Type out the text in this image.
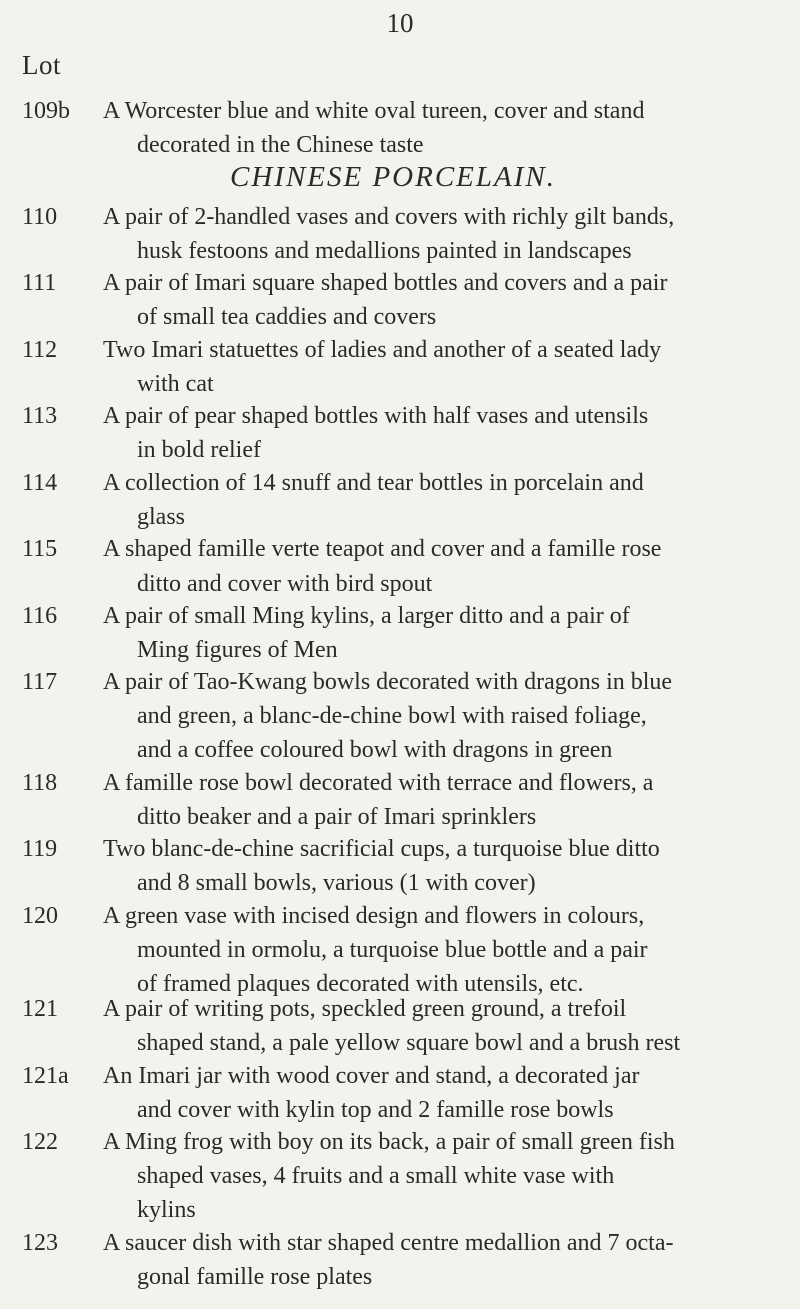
10
Lot
109b A Worcester blue and white oval tureen, cover and stand
decorated in the Chinese taste
CHINESE PORCELAIN.
110 A pair of 2-handled vases and covers with richly gilt bands,
husk festoons and medallions painted in landscapes
111 A pair of Imari square shaped bottles and covers and a pair
of small tea caddies and covers
112 Two Imari statuettes of ladies and another of a seated lady
with cat
113 A pair of pear shaped bottles with half vases and utensils
in bold relief
114 A collection of 14 snuff and tear bottles in porcelain and
glass
115 A shaped famille verte teapot and cover and a famille rose
ditto and cover with bird spout
116 A pair of small Ming kylins, a larger ditto and a pair of
Ming figures of Men
117 A pair of Tao-Kwang bowls decorated with dragons in blue
and green, a blanc-de-chine bowl with raised foliage,
and a coffee coloured bowl with dragons in green
118 A famille rose bowl decorated with terrace and flowers, a
ditto beaker and a pair of Imari sprinklers
119 Two blanc-de-chine sacrificial cups, a turquoise blue ditto
and 8 small bowls, various (1 with cover)
120 A green vase with incised design and flowers in colours,
mounted in ormolu, a turquoise blue bottle and a pair
of framed plaques decorated with utensils, etc.
121 A pair of writing pots, speckled green ground, a trefoil
shaped stand, a pale yellow square bowl and a brush rest
121a An Imari jar with wood cover and stand, a decorated jar
and cover with kylin top and 2 famille rose bowls
122 A Ming frog with boy on its back, a pair of small green fish
shaped vases, 4 fruits and a small white vase with
kylins
123 A saucer dish with star shaped centre medallion and 7 octa-
gonal famille rose plates
